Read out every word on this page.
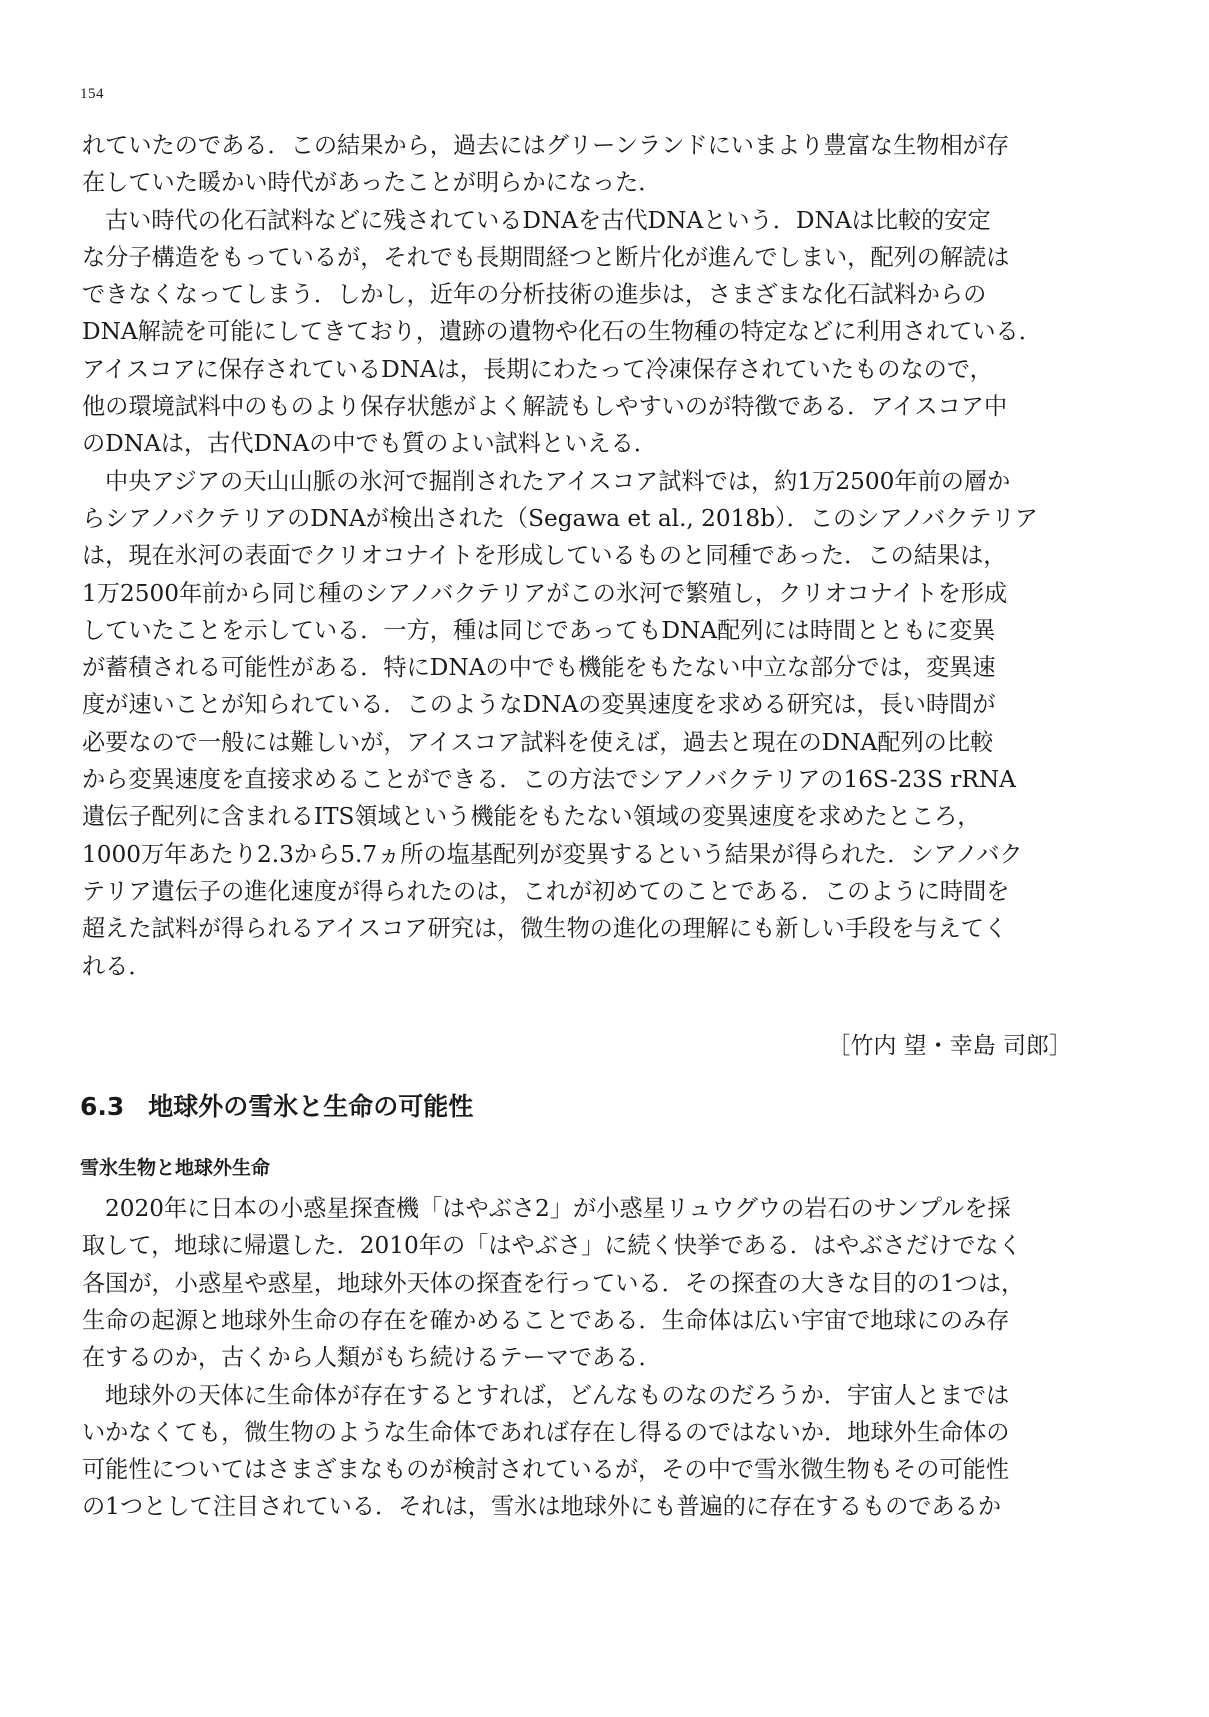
154
れていたのである．この結果から，過去にはグリーンランドにいまより豊富な生物相が存
在していた暖かい時代があったことが明らかになった．
古い時代の化石試料などに残されているDNAを古代DNAという．DNAは比較的安定
な分子構造をもっているが，それでも長期間経つと断片化が進んでしまい，配列の解読は
できなくなってしまう．しかし，近年の分析技術の進歩は，さまざまな化石試料からの
DNA解読を可能にしてきており，遺跡の遺物や化石の生物種の特定などに利用されている．
アイスコアに保存されているDNAは，長期にわたって冷凍保存されていたものなので，
他の環境試料中のものより保存状態がよく解読もしやすいのが特徴である．アイスコア中
のDNAは，古代DNAの中でも質のよい試料といえる．
中央アジアの天山山脈の氷河で掘削されたアイスコア試料では，約1万2500年前の層か
らシアノバクテリアのDNAが検出された（Segawa et al., 2018b）．このシアノバクテリア
は，現在氷河の表面でクリオコナイトを形成しているものと同種であった．この結果は，
1万2500年前から同じ種のシアノバクテリアがこの氷河で繁殖し，クリオコナイトを形成
していたことを示している．一方，種は同じであってもDNA配列には時間とともに変異
が蓄積される可能性がある．特にDNAの中でも機能をもたない中立な部分では，変異速
度が速いことが知られている．このようなDNAの変異速度を求める研究は，長い時間が
必要なので一般には難しいが，アイスコア試料を使えば，過去と現在のDNA配列の比較
から変異速度を直接求めることができる．この方法でシアノバクテリアの16S-23S rRNA
遺伝子配列に含まれるITS領域という機能をもたない領域の変異速度を求めたところ，
1000万年あたり2.3から5.7ヵ所の塩基配列が変異するという結果が得られた．シアノバク
テリア遺伝子の進化速度が得られたのは，これが初めてのことである．このように時間を
超えた試料が得られるアイスコア研究は，微生物の進化の理解にも新しい手段を与えてく
れる．
［竹内 望・幸島 司郎］
6.3 地球外の雪氷と生命の可能性
雪氷生物と地球外生命
2020年に日本の小惑星探査機「はやぶさ2」が小惑星リュウグウの岩石のサンプルを採
取して，地球に帰還した．2010年の「はやぶさ」に続く快挙である．はやぶさだけでなく
各国が，小惑星や惑星，地球外天体の探査を行っている．その探査の大きな目的の1つは，
生命の起源と地球外生命の存在を確かめることである．生命体は広い宇宙で地球にのみ存
在するのか，古くから人類がもち続けるテーマである．
地球外の天体に生命体が存在するとすれば，どんなものなのだろうか．宇宙人とまでは
いかなくても，微生物のような生命体であれば存在し得るのではないか．地球外生命体の
可能性についてはさまざまなものが検討されているが，その中で雪氷微生物もその可能性
の1つとして注目されている．それは，雪氷は地球外にも普遍的に存在するものであるか
